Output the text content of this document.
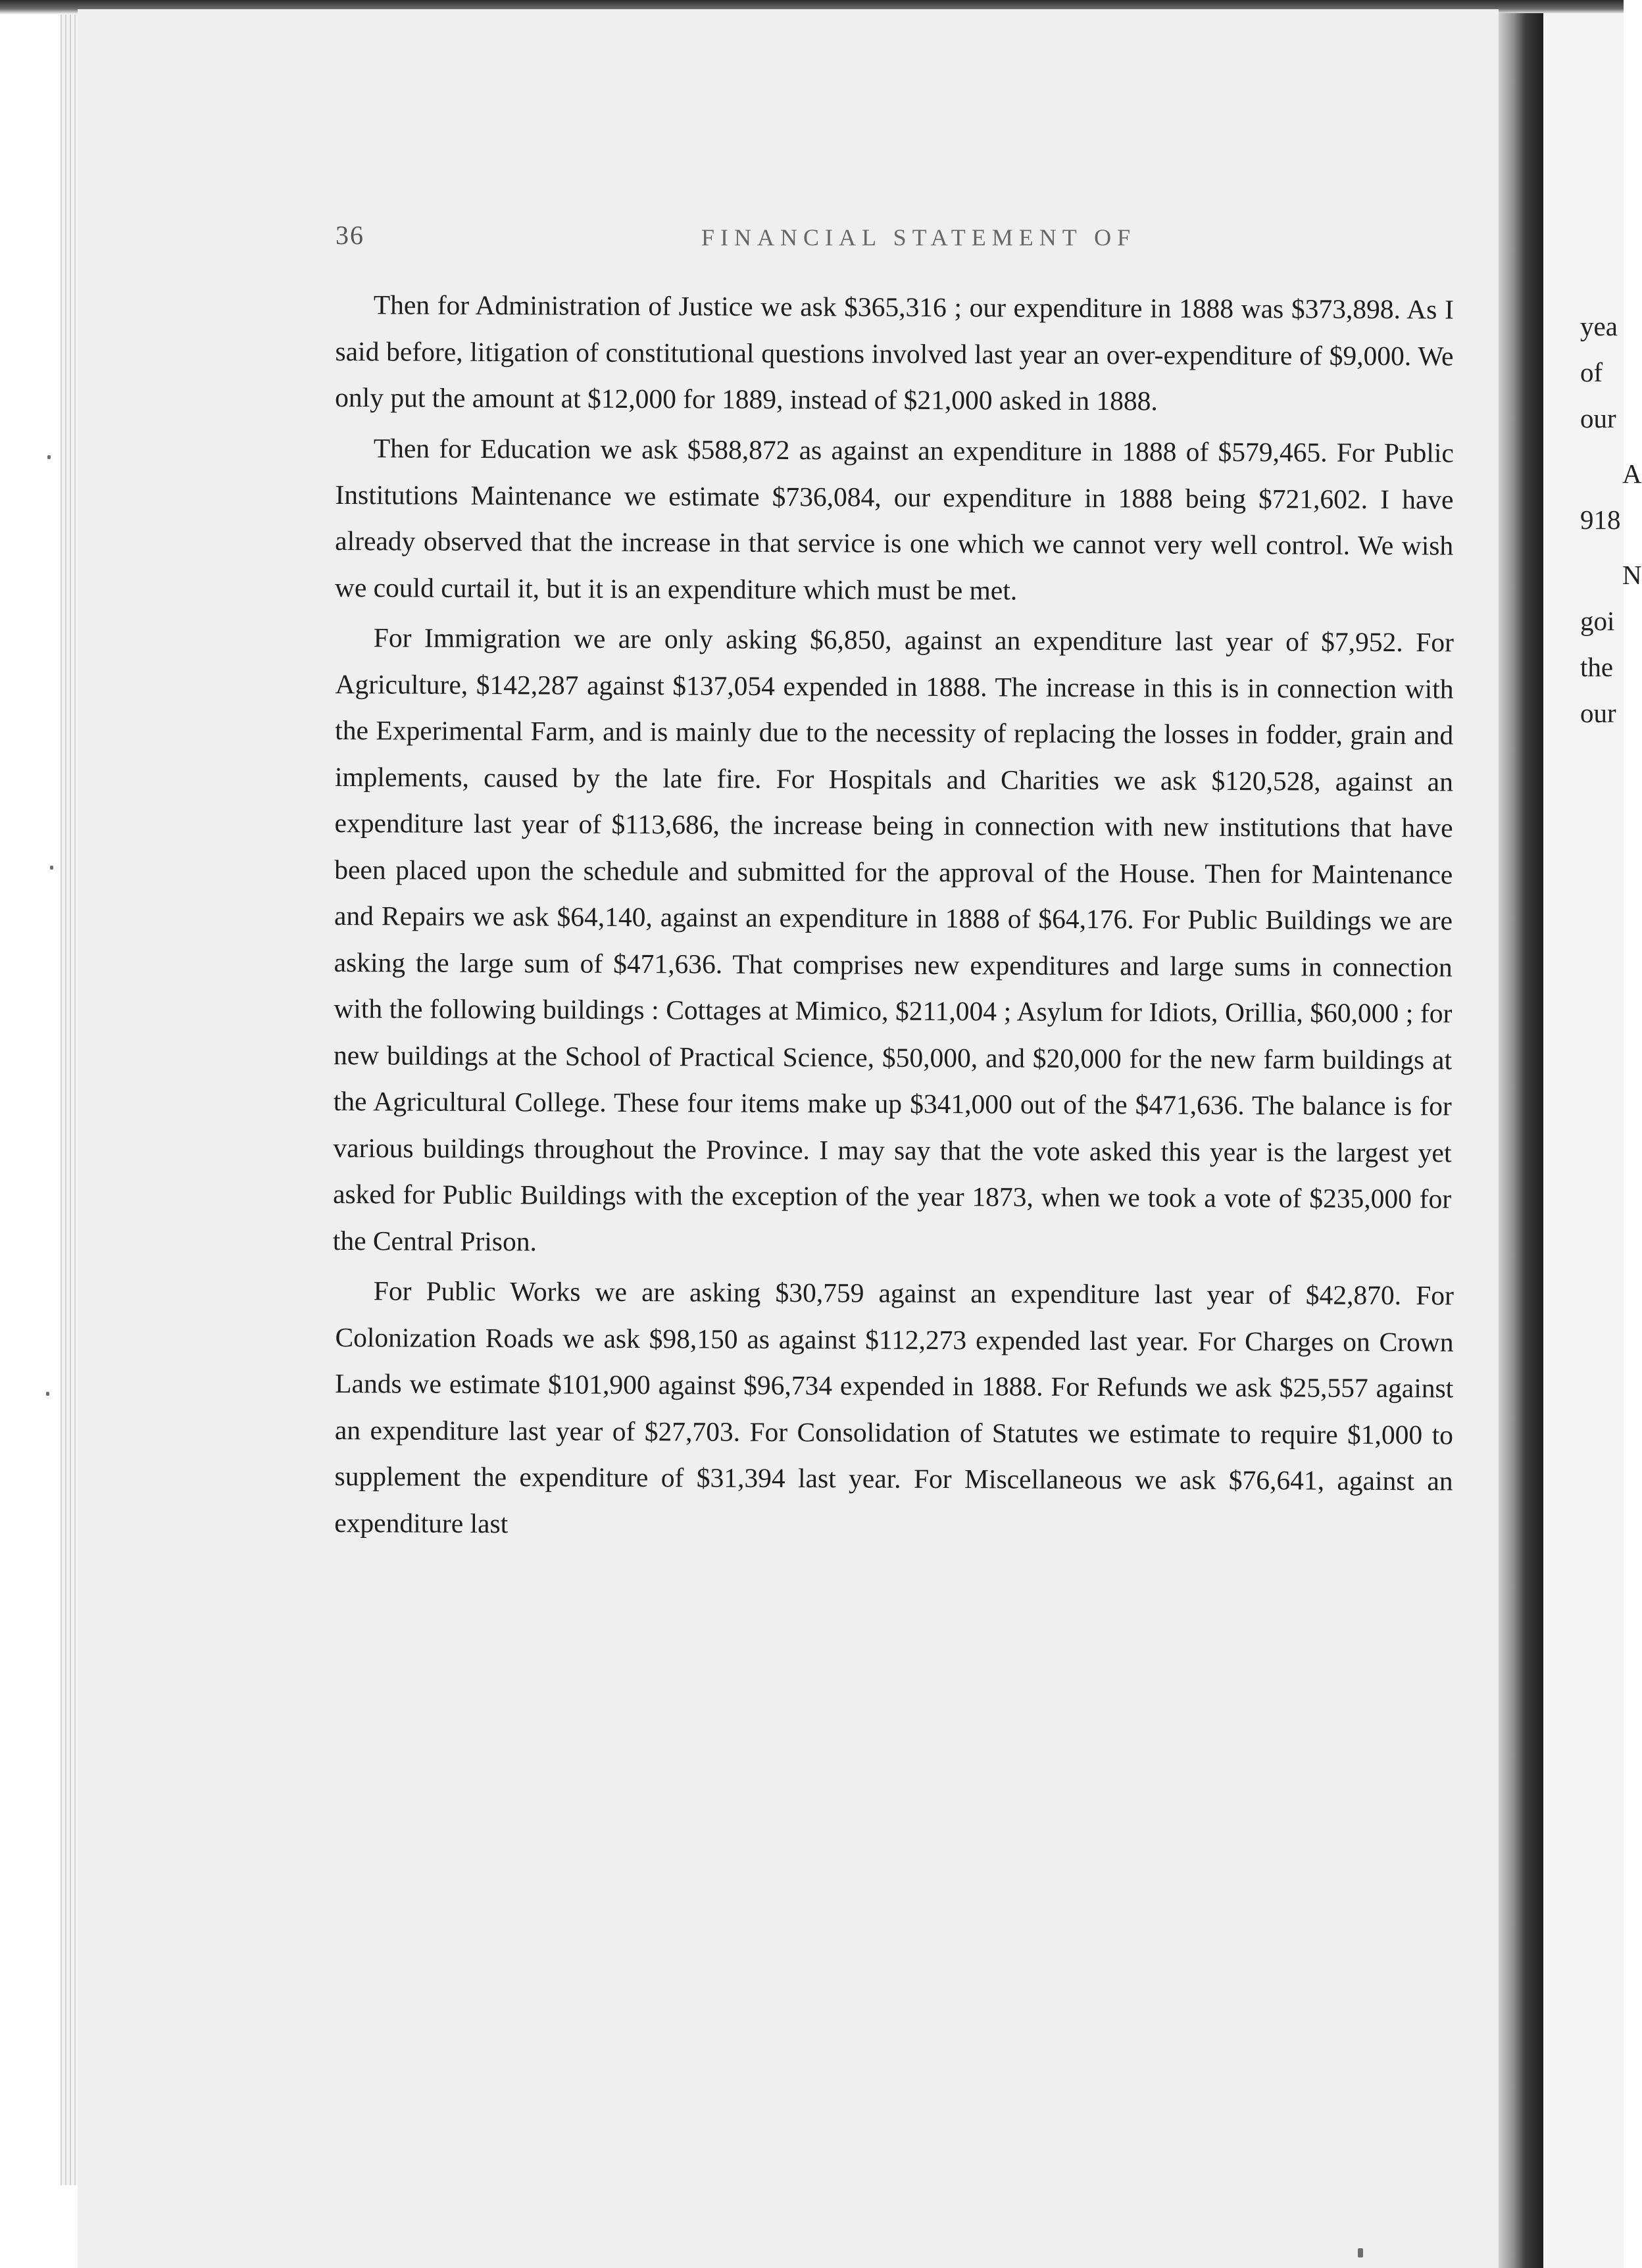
36	FINANCIAL STATEMENT OF

Then for Administration of Justice we ask $365,316 ; our expenditure in 1888 was $373,898. As I said before, litigation of constitutional questions involved last year an over-expenditure of $9,000. We only put the amount at $12,000 for 1889, instead of $21,000 asked in 1888.

Then for Education we ask $588,872 as against an expenditure in 1888 of $579,465. For Public Institutions Maintenance we estimate $736,084, our expenditure in 1888 being $721,602. I have already observed that the increase in that service is one which we cannot very well control. We wish we could curtail it, but it is an expenditure which must be met.

For Immigration we are only asking $6,850, against an expenditure last year of $7,952. For Agriculture, $142,287 against $137,054 expended in 1888. The increase in this is in connection with the Experimental Farm, and is mainly due to the necessity of replacing the losses in fodder, grain and implements, caused by the late fire. For Hospitals and Charities we ask $120,528, against an expenditure last year of $113,686, the increase being in connection with new institutions that have been placed upon the schedule and submitted for the approval of the House. Then for Maintenance and Repairs we ask $64,140, against an expenditure in 1888 of $64,176. For Public Buildings we are asking the large sum of $471,636. That comprises new expenditures and large sums in connection with the following buildings : Cottages at Mimico, $211,004 ; Asylum for Idiots, Orillia, $60,000 ; for new buildings at the School of Practical Science, $50,000, and $20,000 for the new farm buildings at the Agricultural College. These four items make up $341,000 out of the $471,636. The balance is for various buildings throughout the Province. I may say that the vote asked this year is the largest yet asked for Public Buildings with the exception of the year 1873, when we took a vote of $235,000 for the Central Prison.

For Public Works we are asking $30,759 against an expenditure last year of $42,870. For Colonization Roads we ask $98,150 as against $112,273 expended last year. For Charges on Crown Lands we estimate $101,900 against $96,734 expended in 1888. For Refunds we ask $25,557 against an expenditure last year of $27,703. For Consolidation of Statutes we estimate to require $1,000 to supplement the expenditure of $31,394 last year. For Miscellaneous we ask $76,641, against an expenditure last

yea
of
our
A
918
N
goi
the
our
